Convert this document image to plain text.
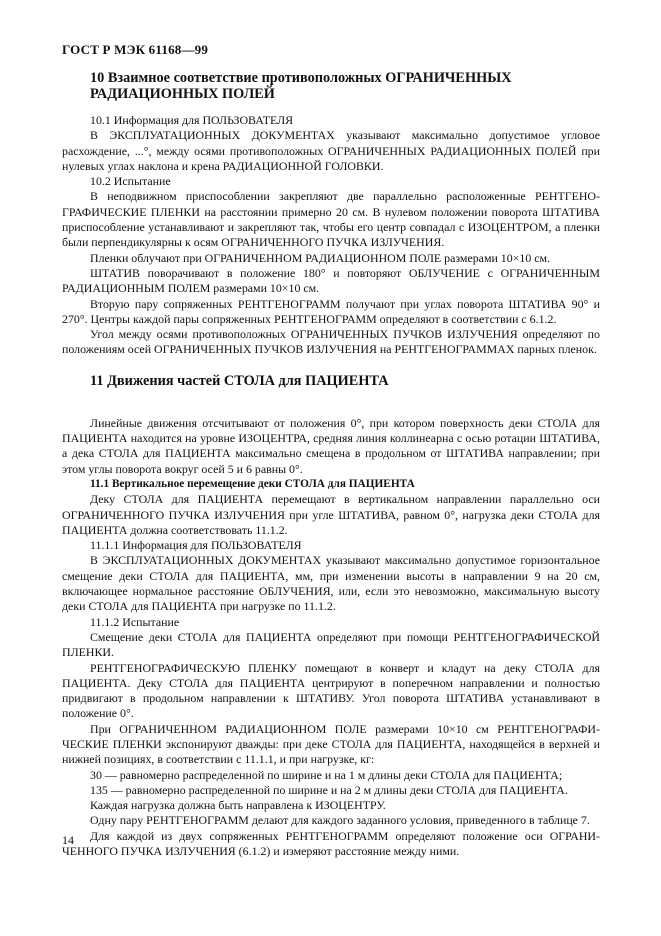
ГОСТ Р МЭК 61168—99
10 Взаимное соответствие противоположных ОГРАНИЧЕННЫХ РАДИАЦИОННЫХ ПОЛЕЙ

10.1 Информация для ПОЛЬЗОВАТЕЛЯ

В ЭКСПЛУАТАЦИОННЫХ ДОКУМЕНТАХ указывают максимально допустимое угловое расхождение, ...°, между осями противоположных ОГРАНИЧЕННЫХ РАДИАЦИОННЫХ ПОЛЕЙ при нулевых углах наклона и крена РАДИАЦИОННОЙ ГОЛОВКИ.

10.2 Испытание

В неподвижном приспособлении закрепляют две параллельно расположенные РЕНТГЕНОГРАФИЧЕСКИЕ ПЛЕНКИ на расстоянии примерно 20 см. В нулевом положении поворота ШТАТИВА приспособление устанавливают и закрепляют так, чтобы его центр совпадал с ИЗОЦЕНТРОМ, а пленки были перпендикулярны к осям ОГРАНИЧЕННОГО ПУЧКА ИЗЛУЧЕНИЯ.

Пленки облучают при ОГРАНИЧЕННОМ РАДИАЦИОННОМ ПОЛЕ размерами 10×10 см.

ШТАТИВ поворачивают в положение 180° и повторяют ОБЛУЧЕНИЕ с ОГРАНИЧЕННЫМ РАДИАЦИОННЫМ ПОЛЕМ размерами 10×10 см.

Вторую пару сопряженных РЕНТГЕНОГРАММ получают при углах поворота ШТАТИВА 90° и 270°. Центры каждой пары сопряженных РЕНТГЕНОГРАММ определяют в соответствии с 6.1.2.

Угол между осями противоположных ОГРАНИЧЕННЫХ ПУЧКОВ ИЗЛУЧЕНИЯ определяют по положениям осей ОГРАНИЧЕННЫХ ПУЧКОВ ИЗЛУЧЕНИЯ на РЕНТГЕНОГРАММАХ парных пленок.

11 Движения частей СТОЛА для ПАЦИЕНТА

Линейные движения отсчитывают от положения 0°, при котором поверхность деки СТОЛА для ПАЦИЕНТА находится на уровне ИЗОЦЕНТРА, средняя линия коллинеарна с осью ротации ШТАТИВА, а дека СТОЛА для ПАЦИЕНТА максимально смещена в продольном от ШТАТИВА направлении; при этом углы поворота вокруг осей 5 и 6 равны 0°.

11.1 Вертикальное перемещение деки СТОЛА для ПАЦИЕНТА

Деку СТОЛА для ПАЦИЕНТА перемещают в вертикальном направлении параллельно оси ОГРАНИЧЕННОГО ПУЧКА ИЗЛУЧЕНИЯ при угле ШТАТИВА, равном 0°, нагрузка деки СТОЛА для ПАЦИЕНТА должна соответствовать 11.1.2.

11.1.1 Информация для ПОЛЬЗОВАТЕЛЯ

В ЭКСПЛУАТАЦИОННЫХ ДОКУМЕНТАХ указывают максимально допустимое горизонтальное смещение деки СТОЛА для ПАЦИЕНТА, мм, при изменении высоты в направлении 9 на 20 см, включающее нормальное расстояние ОБЛУЧЕНИЯ, или, если это невозможно, максимальную высоту деки СТОЛА для ПАЦИЕНТА при нагрузке по 11.1.2.

11.1.2 Испытание

Смещение деки СТОЛА для ПАЦИЕНТА определяют при помощи РЕНТГЕНОГРАФИЧЕСКОЙ ПЛЕНКИ.

РЕНТГЕНОГРАФИЧЕСКУЮ ПЛЕНКУ помещают в конверт и кладут на деку СТОЛА для ПАЦИЕНТА. Деку СТОЛА для ПАЦИЕНТА центрируют в поперечном направлении и полностью придвигают в продольном направлении к ШТАТИВУ. Угол поворота ШТАТИВА устанавливают в положение 0°.

При ОГРАНИЧЕННОМ РАДИАЦИОННОМ ПОЛЕ размерами 10×10 см РЕНТГЕНОГРАФИЧЕСКИЕ ПЛЕНКИ экспонируют дважды: при деке СТОЛА для ПАЦИЕНТА, находящейся в верхней и нижней позициях, в соответствии с 11.1.1, и при нагрузке, кг:

30 — равномерно распределенной по ширине и на 1 м длины деки СТОЛА для ПАЦИЕНТА;

135 — равномерно распределенной по ширине и на 2 м длины деки СТОЛА для ПАЦИЕНТА.

Каждая нагрузка должна быть направлена к ИЗОЦЕНТРУ.

Одну пару РЕНТГЕНОГРАММ делают для каждого заданного условия, приведенного в таблице 7.

Для каждой из двух сопряженных РЕНТГЕНОГРАММ определяют положение оси ОГРАНИЧЕННОГО ПУЧКА ИЗЛУЧЕНИЯ (6.1.2) и измеряют расстояние между ними.

14
